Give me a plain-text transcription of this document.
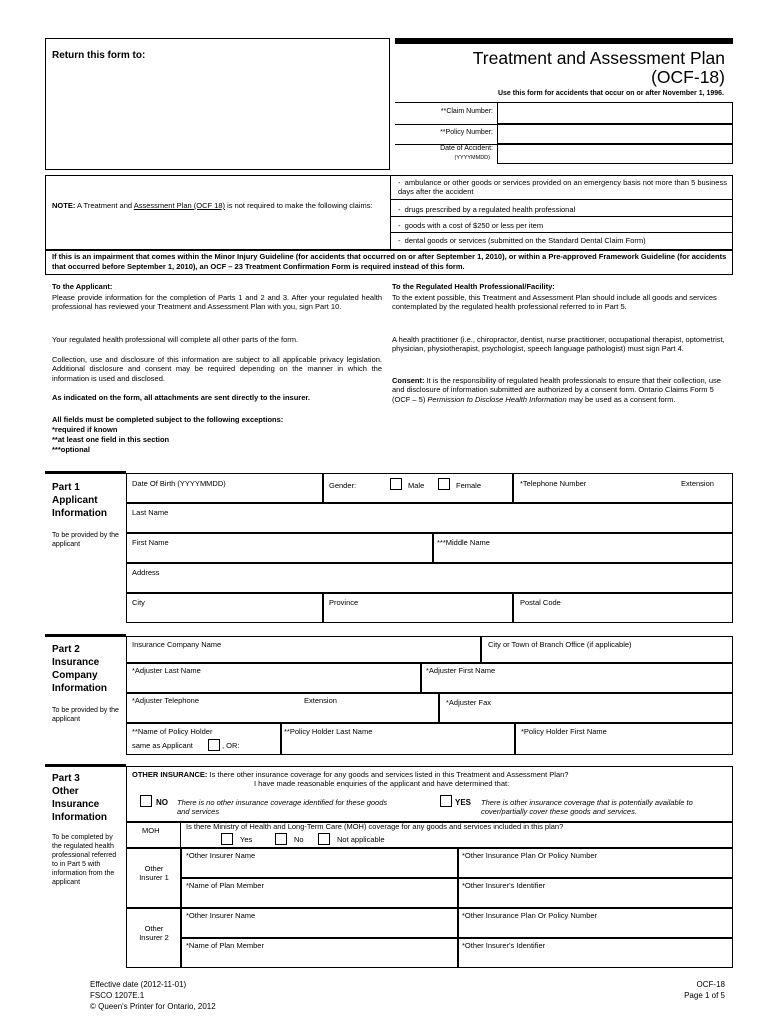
Return this form to:	Treatment and Assessment Plan
(OCF-18)
Use this form for accidents that occur on or after November 1, 1996.
**Claim Number:
**Policy Number:
Date of Accident:
(YYYYMMDD)
NOTE: A Treatment and Assessment Plan (OCF 18) is not required to make the following claims:
-  ambulance or other goods or services provided on an emergency basis not more than 5 business days after the accident
-  drugs prescribed by a regulated health professional
-  goods with a cost of $250 or less per item
-  dental goods or services (submitted on the Standard Dental Claim Form)
If this is an impairment that comes within the Minor Injury Guideline (for accidents that occurred on or after September 1, 2010), or within a Pre-approved Framework Guideline (for accidents that occurred before September 1, 2010), an OCF – 23 Treatment Confirmation Form is required instead of this form.
To the Applicant:
Please provide information for the completion of Parts 1 and 2 and 3. After your regulated health professional has reviewed your Treatment and Assessment Plan with you, sign Part 10.
Your regulated health professional will complete all other parts of the form.
Collection, use and disclosure of this information are subject to all applicable privacy legislation. Additional disclosure and consent may be required depending on the manner in which the information is used and disclosed.
As indicated on the form, all attachments are sent directly to the insurer.
To the Regulated Health Professional/Facility:
To the extent possible, this Treatment and Assessment Plan should include all goods and services contemplated by the regulated health professional referred to in Part 5.
A health practitioner (i.e., chiropractor, dentist, nurse practitioner, occupational therapist, optometrist, physician, physiotherapist, psychologist, speech language pathologist) must sign Part 4.
Consent: It is the responsibility of regulated health professionals to ensure that their collection, use and disclosure of information submitted are authorized by a consent form. Ontario Claims Form 5 (OCF – 5) Permission to Disclose Health Information may be used as a consent form.
All fields must be completed subject to the following exceptions:
*required if known
**at least one field in this section
***optional
Part 1
Applicant
Information
To be provided by the applicant
Date Of Birth (YYYYMMDD)	Gender:	Male	Female	*Telephone Number	Extension
Last Name
First Name	***Middle Name
Address
City	Province	Postal Code
Part 2
Insurance
Company
Information
To be provided by the applicant
Insurance Company Name	City or Town of Branch Office (if applicable)
*Adjuster Last Name	*Adjuster First Name
*Adjuster Telephone	Extension	*Adjuster Fax
**Name of Policy Holder
same as Applicant	, OR:
**Policy Holder Last Name	*Policy Holder First Name
Part 3
Other
Insurance
Information
To be completed by the regulated health professional referred to in Part 5 with information from the applicant
OTHER INSURANCE: Is there other insurance coverage for any goods and services listed in this Treatment and Assessment Plan?
I have made reasonable enquiries of the applicant and have determined that:
NO There is no other insurance coverage identified for these goods and services
YES There is other insurance coverage that is potentially available to cover/partially cover these goods and services.
MOH	Is there Ministry of Health and Long-Term Care (MOH) coverage for any goods and services included in this plan?
Yes	No	Not applicable
Other Insurer 1
*Other Insurer Name	*Other Insurance Plan Or Policy Number
*Name of Plan Member	*Other Insurer's Identifier
Other Insurer 2
*Other Insurer Name	*Other Insurance Plan Or Policy Number
*Name of Plan Member	*Other Insurer's Identifier
Effective date (2012-11-01)
FSCO 1207E.1
© Queen's Printer for Ontario, 2012
OCF-18
Page 1 of 5
